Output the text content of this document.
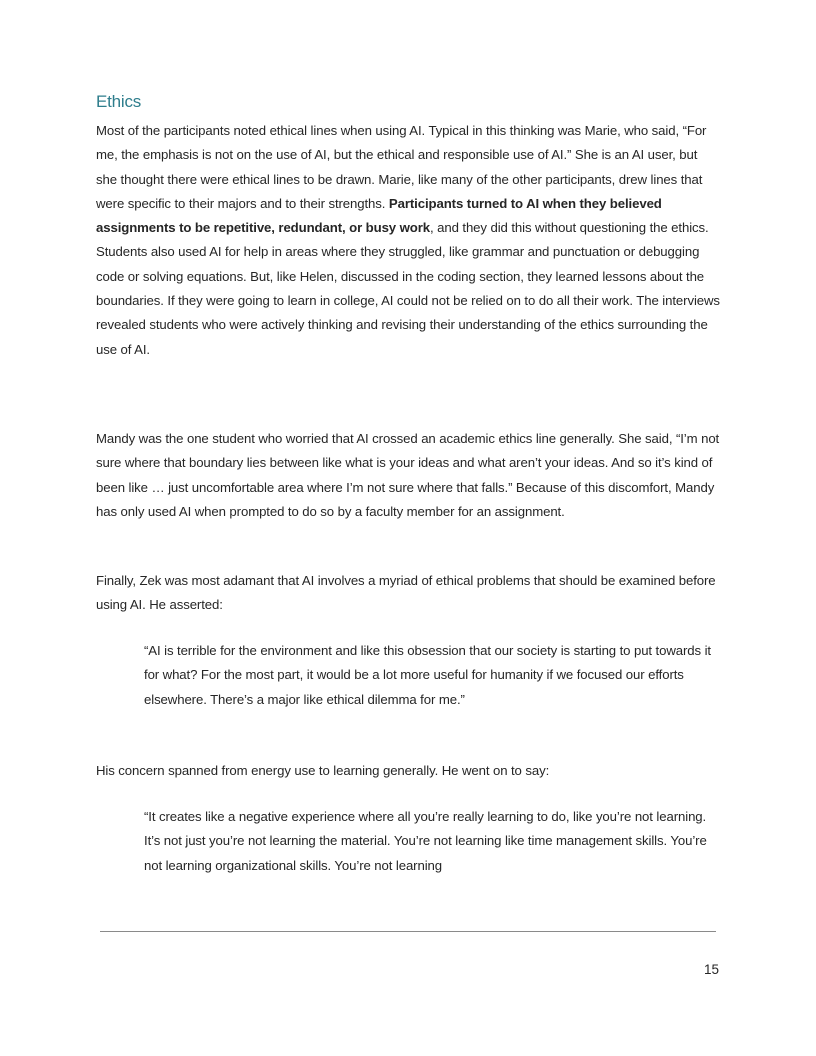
Ethics

Most of the participants noted ethical lines when using AI. Typical in this thinking was Marie, who said, “For me, the emphasis is not on the use of AI, but the ethical and responsible use of AI.” She is an AI user, but she thought there were ethical lines to be drawn. Marie, like many of the other participants, drew lines that were specific to their majors and to their strengths. Participants turned to AI when they believed assignments to be repetitive, redundant, or busy work, and they did this without questioning the ethics. Students also used AI for help in areas where they struggled, like grammar and punctuation or debugging code or solving equations. But, like Helen, discussed in the coding section, they learned lessons about the boundaries. If they were going to learn in college, AI could not be relied on to do all their work. The interviews revealed students who were actively thinking and revising their understanding of the ethics surrounding the use of AI.

Mandy was the one student who worried that AI crossed an academic ethics line generally. She said, “I’m not sure where that boundary lies between like what is your ideas and what aren’t your ideas. And so it’s kind of been like … just uncomfortable area where I’m not sure where that falls.” Because of this discomfort, Mandy has only used AI when prompted to do so by a faculty member for an assignment.

Finally, Zek was most adamant that AI involves a myriad of ethical problems that should be examined before using AI. He asserted:

“AI is terrible for the environment and like this obsession that our society is starting to put towards it for what? For the most part, it would be a lot more useful for humanity if we focused our efforts elsewhere. There’s a major like ethical dilemma for me.”

His concern spanned from energy use to learning generally. He went on to say:

“It creates like a negative experience where all you’re really learning to do, like you’re not learning. It’s not just you’re not learning the material. You’re not learning like time management skills. You’re not learning organizational skills. You’re not learning

15
